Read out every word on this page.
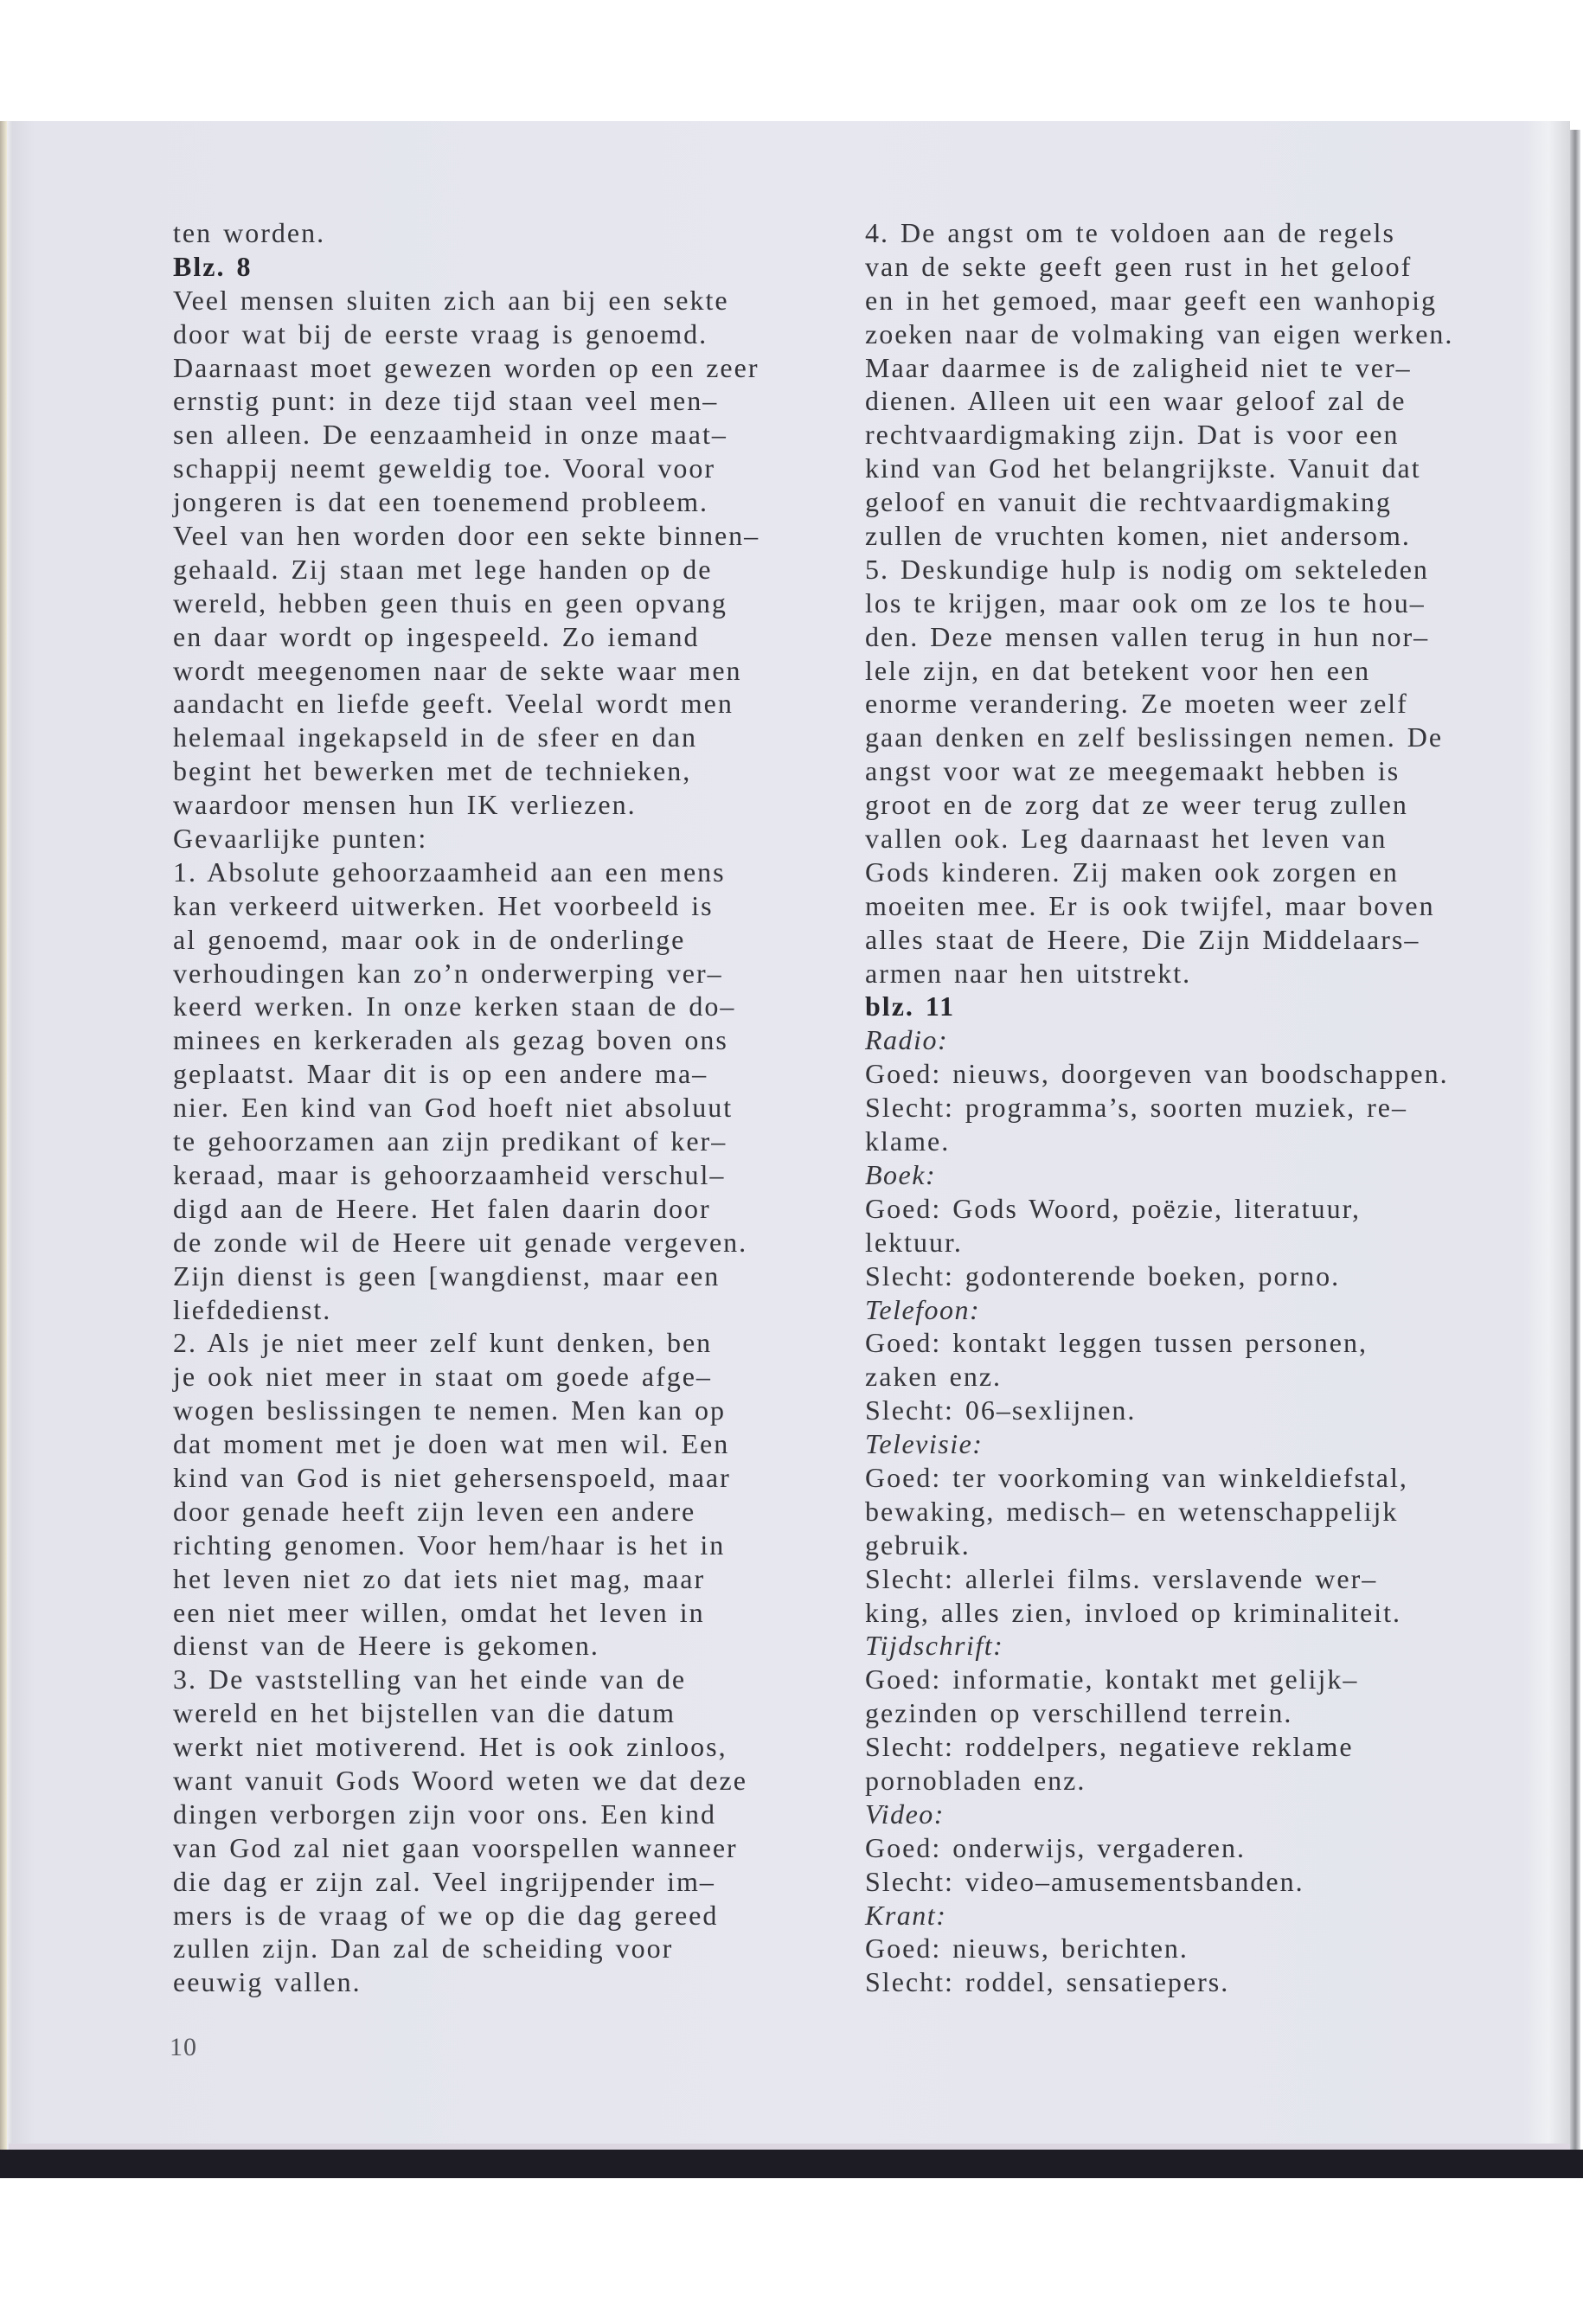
ten worden.
Blz. 8
Veel mensen sluiten zich aan bij een sekte
door wat bij de eerste vraag is genoemd.
Daarnaast moet gewezen worden op een zeer
ernstig punt: in deze tijd staan veel men–
sen alleen. De eenzaamheid in onze maat–
schappij neemt geweldig toe. Vooral voor
jongeren is dat een toenemend probleem.
Veel van hen worden door een sekte binnen–
gehaald. Zij staan met lege handen op de
wereld, hebben geen thuis en geen opvang
en daar wordt op ingespeeld. Zo iemand
wordt meegenomen naar de sekte waar men
aandacht en liefde geeft. Veelal wordt men
helemaal ingekapseld in de sfeer en dan
begint het bewerken met de technieken,
waardoor mensen hun IK verliezen.
Gevaarlijke punten:
1. Absolute gehoorzaamheid aan een mens
kan verkeerd uitwerken. Het voorbeeld is
al genoemd, maar ook in de onderlinge
verhoudingen kan zo’n onderwerping ver–
keerd werken. In onze kerken staan de do–
minees en kerkeraden als gezag boven ons
geplaatst. Maar dit is op een andere ma–
nier. Een kind van God hoeft niet absoluut
te gehoorzamen aan zijn predikant of ker–
keraad, maar is gehoorzaamheid verschul–
digd aan de Heere. Het falen daarin door
de zonde wil de Heere uit genade vergeven.
Zijn dienst is geen [wangdienst, maar een
liefdedienst.
2. Als je niet meer zelf kunt denken, ben
je ook niet meer in staat om goede afge–
wogen beslissingen te nemen. Men kan op
dat moment met je doen wat men wil. Een
kind van God is niet gehersenspoeld, maar
door genade heeft zijn leven een andere
richting genomen. Voor hem/haar is het in
het leven niet zo dat iets niet mag, maar
een niet meer willen, omdat het leven in
dienst van de Heere is gekomen.
3. De vaststelling van het einde van de
wereld en het bijstellen van die datum
werkt niet motiverend. Het is ook zinloos,
want vanuit Gods Woord weten we dat deze
dingen verborgen zijn voor ons. Een kind
van God zal niet gaan voorspellen wanneer
die dag er zijn zal. Veel ingrijpender im–
mers is de vraag of we op die dag gereed
zullen zijn. Dan zal de scheiding voor
eeuwig vallen.
4. De angst om te voldoen aan de regels
van de sekte geeft geen rust in het geloof
en in het gemoed, maar geeft een wanhopig
zoeken naar de volmaking van eigen werken.
Maar daarmee is de zaligheid niet te ver–
dienen. Alleen uit een waar geloof zal de
rechtvaardigmaking zijn. Dat is voor een
kind van God het belangrijkste. Vanuit dat
geloof en vanuit die rechtvaardigmaking
zullen de vruchten komen, niet andersom.
5. Deskundige hulp is nodig om sekteleden
los te krijgen, maar ook om ze los te hou–
den. Deze mensen vallen terug in hun nor–
lele zijn, en dat betekent voor hen een
enorme verandering. Ze moeten weer zelf
gaan denken en zelf beslissingen nemen. De
angst voor wat ze meegemaakt hebben is
groot en de zorg dat ze weer terug zullen
vallen ook. Leg daarnaast het leven van
Gods kinderen. Zij maken ook zorgen en
moeiten mee. Er is ook twijfel, maar boven
alles staat de Heere, Die Zijn Middelaars–
armen naar hen uitstrekt.
blz. 11
Radio:
Goed: nieuws, doorgeven van boodschappen.
Slecht: programma’s, soorten muziek, re–
klame.
Boek:
Goed: Gods Woord, poëzie, literatuur,
lektuur.
Slecht: godonterende boeken, porno.
Telefoon:
Goed: kontakt leggen tussen personen,
zaken enz.
Slecht: 06–sexlijnen.
Televisie:
Goed: ter voorkoming van winkeldiefstal,
bewaking, medisch– en wetenschappelijk
gebruik.
Slecht: allerlei films. verslavende wer–
king, alles zien, invloed op kriminaliteit.
Tijdschrift:
Goed: informatie, kontakt met gelijk–
gezinden op verschillend terrein.
Slecht: roddelpers, negatieve reklame
pornobladen enz.
Video:
Goed: onderwijs, vergaderen.
Slecht: video–amusementsbanden.
Krant:
Goed: nieuws, berichten.
Slecht: roddel, sensatiepers.
10
